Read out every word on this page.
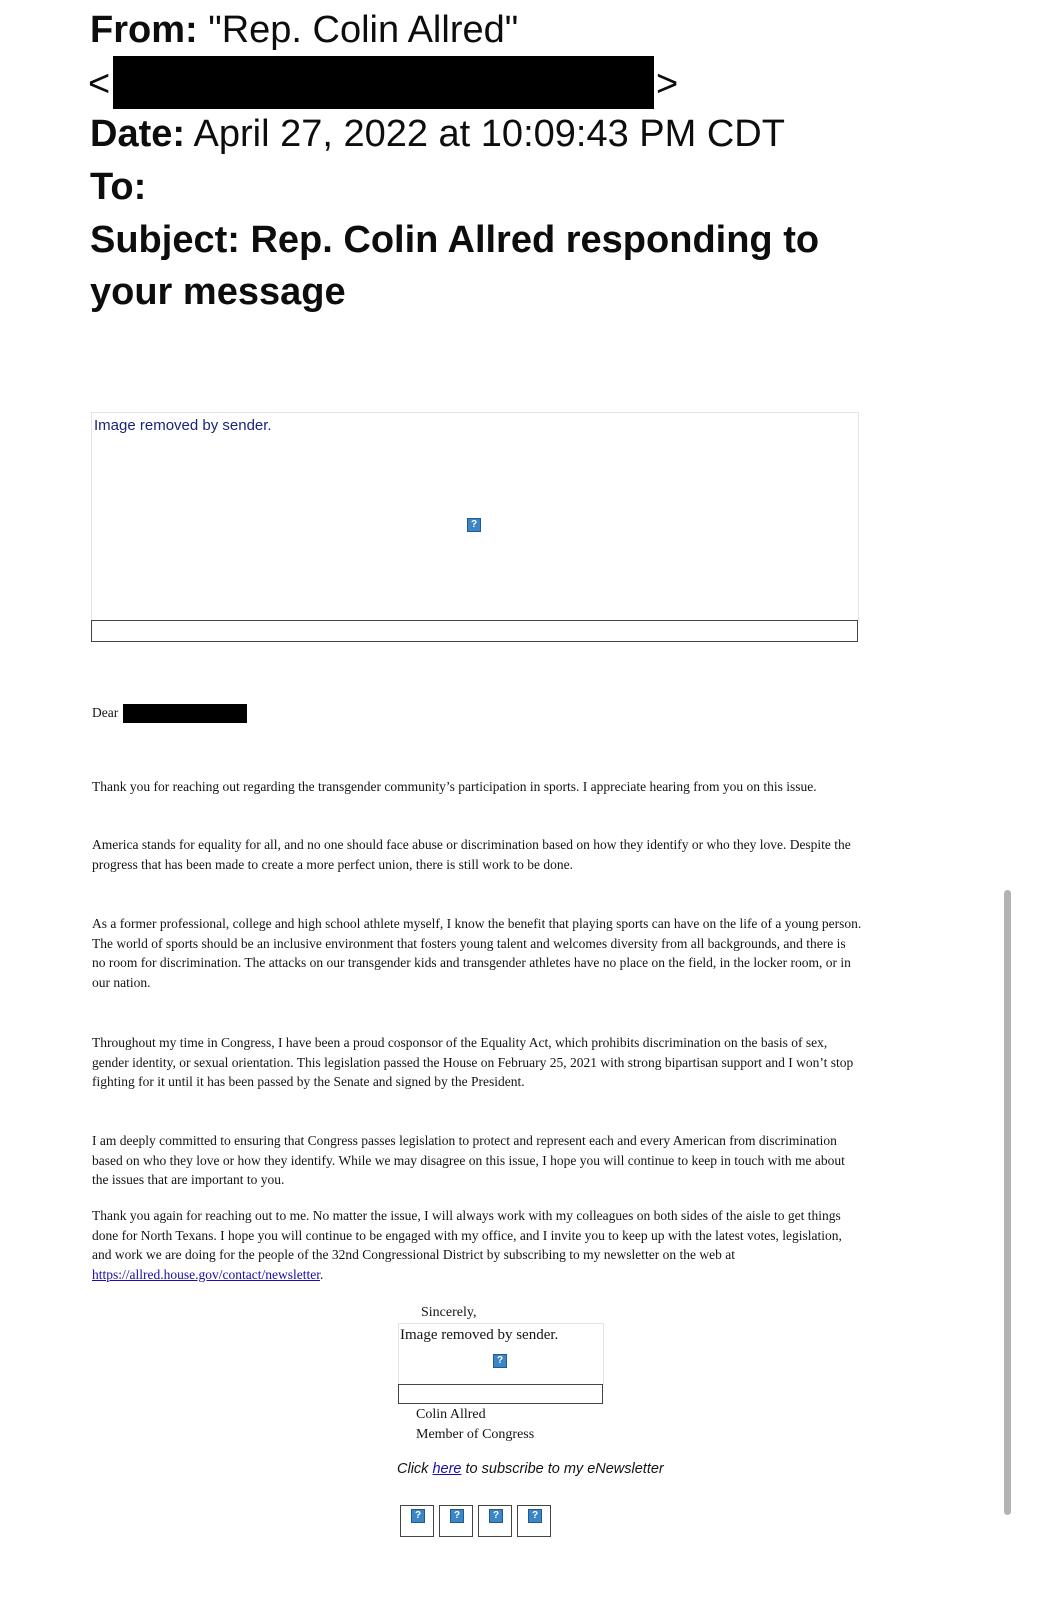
From: "Rep. Colin Allred"
<	>
Date: April 27, 2022 at 10:09:43 PM CDT
To:
Subject: Rep. Colin Allred responding to
your message
Image removed by sender.
?
Dear
Thank you for reaching out regarding the transgender community’s participation in sports. I appreciate hearing from you on this issue.
America stands for equality for all, and no one should face abuse or discrimination based on how they identify or who they love. Despite the progress that has been made to create a more perfect union, there is still work to be done.
As a former professional, college and high school athlete myself, I know the benefit that playing sports can have on the life of a young person. The world of sports should be an inclusive environment that fosters young talent and welcomes diversity from all backgrounds, and there is no room for discrimination. The attacks on our transgender kids and transgender athletes have no place on the field, in the locker room, or in our nation.
Throughout my time in Congress, I have been a proud cosponsor of the Equality Act, which prohibits discrimination on the basis of sex, gender identity, or sexual orientation. This legislation passed the House on February 25, 2021 with strong bipartisan support and I won’t stop fighting for it until it has been passed by the Senate and signed by the President.
I am deeply committed to ensuring that Congress passes legislation to protect and represent each and every American from discrimination based on who they love or how they identify. While we may disagree on this issue, I hope you will continue to keep in touch with me about the issues that are important to you.
Thank you again for reaching out to me. No matter the issue, I will always work with my colleagues on both sides of the aisle to get things done for North Texans. I hope you will continue to be engaged with my office, and I invite you to keep up with the latest votes, legislation, and work we are doing for the people of the 32nd Congressional District by subscribing to my newsletter on the web at https://allred.house.gov/contact/newsletter.
Sincerely,
Image removed by sender.
?
Colin Allred
Member of Congress
Click here to subscribe to my eNewsletter
?	?	?	?
